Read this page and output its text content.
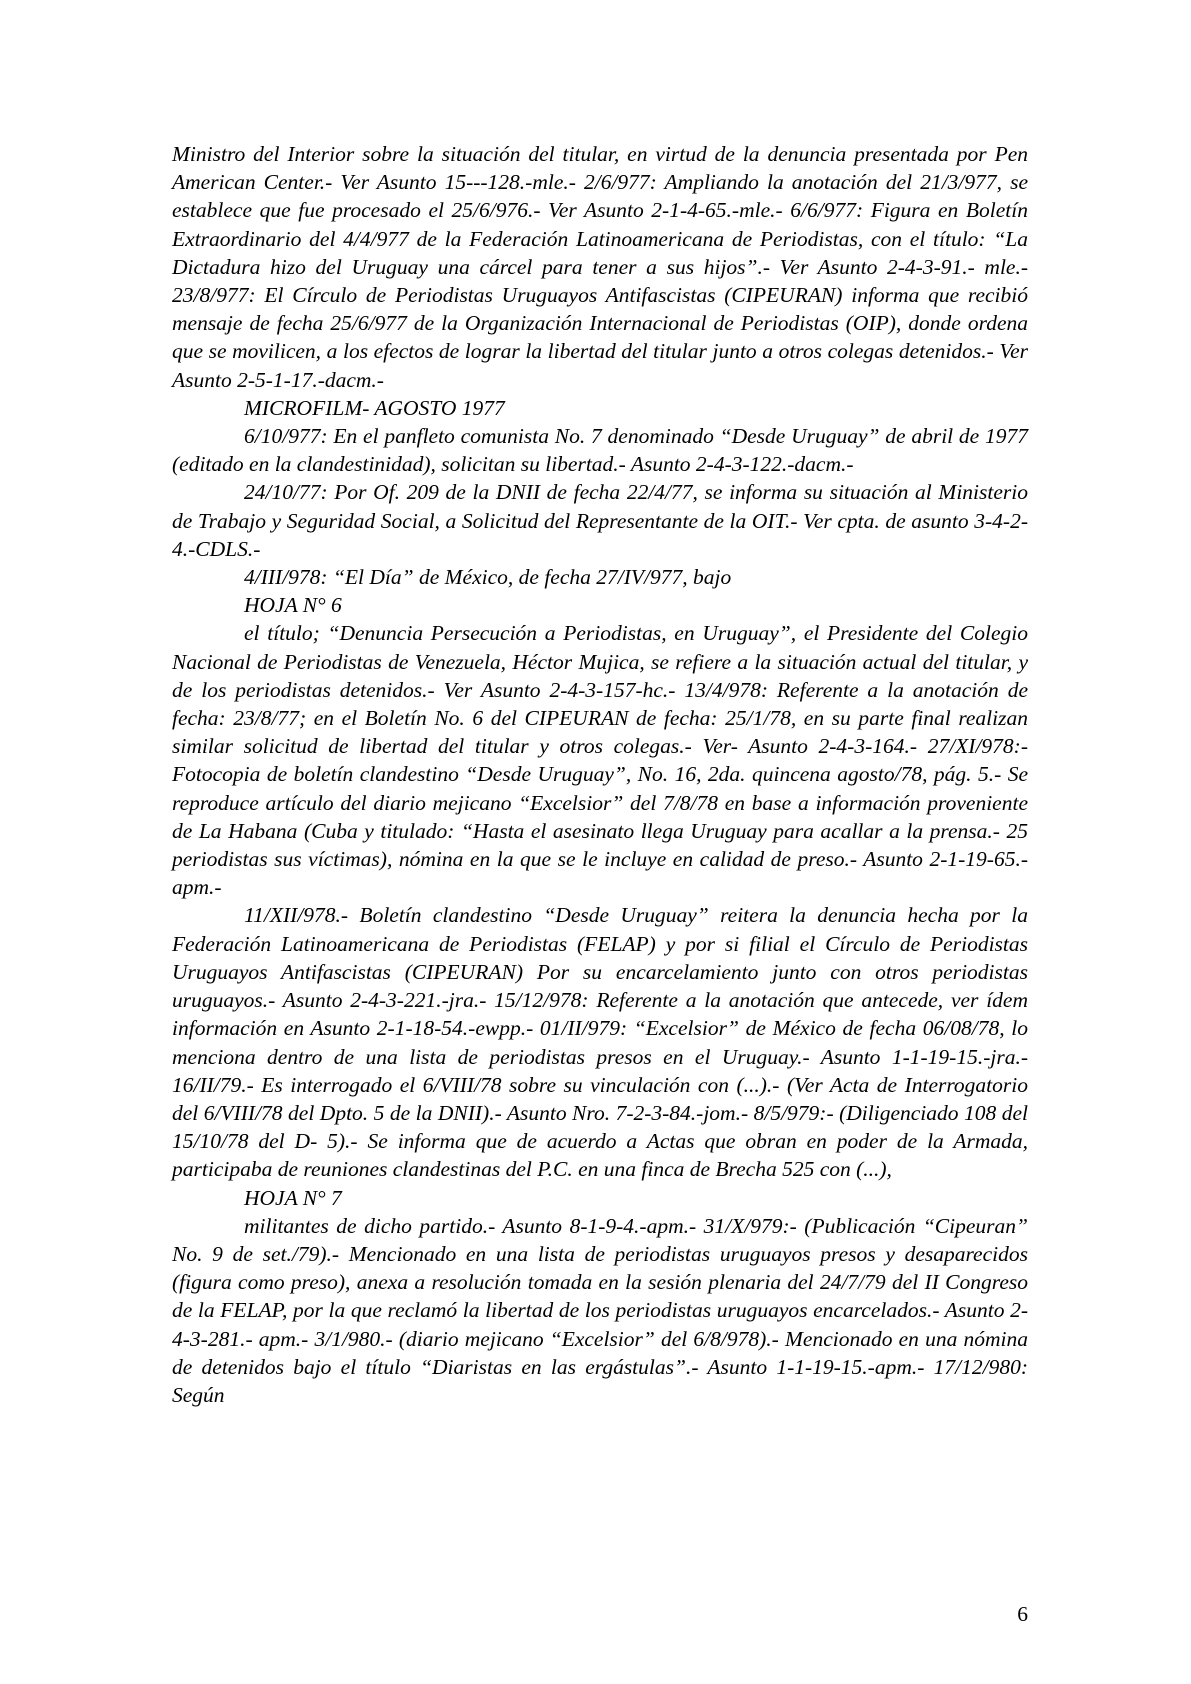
Ministro del Interior sobre la situación del titular, en virtud de la denuncia presentada por Pen American Center.- Ver Asunto 15---128.-mle.- 2/6/977: Ampliando la anotación del 21/3/977, se establece que fue procesado el 25/6/976.- Ver Asunto 2-1-4-65.-mle.- 6/6/977: Figura en Boletín Extraordinario del 4/4/977 de la Federación Latinoamericana de Periodistas, con el título: “La Dictadura hizo del Uruguay una cárcel para tener a sus hijos”.- Ver Asunto 2-4-3-91.- mle.- 23/8/977: El Círculo de Periodistas Uruguayos Antifascistas (CIPEURAN) informa que recibió mensaje de fecha 25/6/977 de la Organización Internacional de Periodistas (OIP), donde ordena que se movilicen, a los efectos de lograr la libertad del titular junto a otros colegas detenidos.- Ver Asunto 2-5-1-17.-dacm.-

MICROFILM- AGOSTO 1977

6/10/977: En el panfleto comunista No. 7 denominado “Desde Uruguay” de abril de 1977 (editado en la clandestinidad), solicitan su libertad.- Asunto 2-4-3-122.-dacm.-

24/10/77: Por Of. 209 de la DNII de fecha 22/4/77, se informa su situación al Ministerio de Trabajo y Seguridad Social, a Solicitud del Representante de la OIT.- Ver cpta. de asunto 3-4-2-4.-CDLS.-

4/III/978: “El Día” de México, de fecha 27/IV/977, bajo

HOJA N° 6

el título; “Denuncia Persecución a Periodistas, en Uruguay”, el Presidente del Colegio Nacional de Periodistas de Venezuela, Héctor Mujica, se refiere a la situación actual del titular, y de los periodistas detenidos.- Ver Asunto 2-4-3-157-hc.- 13/4/978: Referente a la anotación de fecha: 23/8/77; en el Boletín No. 6 del CIPEURAN de fecha: 25/1/78, en su parte final realizan similar solicitud de libertad del titular y otros colegas.- Ver- Asunto 2-4-3-164.- 27/XI/978:- Fotocopia de boletín clandestino “Desde Uruguay”, No. 16, 2da. quincena agosto/78, pág. 5.- Se reproduce artículo del diario mejicano “Excelsior” del 7/8/78 en base a información proveniente de La Habana (Cuba y titulado: “Hasta el asesinato llega Uruguay para acallar a la prensa.- 25 periodistas sus víctimas), nómina en la que se le incluye en calidad de preso.- Asunto 2-1-19-65.-apm.-

11/XII/978.- Boletín clandestino “Desde Uruguay” reitera la denuncia hecha por la Federación Latinoamericana de Periodistas (FELAP) y por si filial el Círculo de Periodistas Uruguayos Antifascistas (CIPEURAN) Por su encarcelamiento junto con otros periodistas uruguayos.- Asunto 2-4-3-221.-jra.- 15/12/978: Referente a la anotación que antecede, ver ídem información en Asunto 2-1-18-54.-ewpp.- 01/II/979: “Excelsior” de México de fecha 06/08/78, lo menciona dentro de una lista de periodistas presos en el Uruguay.- Asunto 1-1-19-15.-jra.- 16/II/79.- Es interrogado el 6/VIII/78 sobre su vinculación con (...).- (Ver Acta de Interrogatorio del 6/VIII/78 del Dpto. 5 de la DNII).- Asunto Nro. 7-2-3-84.-jom.- 8/5/979:- (Diligenciado 108 del 15/10/78 del D- 5).- Se informa que de acuerdo a Actas que obran en poder de la Armada, participaba de reuniones clandestinas del P.C. en una finca de Brecha 525 con (...),

HOJA N° 7

militantes de dicho partido.- Asunto 8-1-9-4.-apm.- 31/X/979:- (Publicación “Cipeuran” No. 9 de set./79).- Mencionado en una lista de periodistas uruguayos presos y desaparecidos (figura como preso), anexa a resolución tomada en la sesión plenaria del 24/7/79 del II Congreso de la FELAP, por la que reclamó la libertad de los periodistas uruguayos encarcelados.- Asunto 2-4-3-281.- apm.- 3/1/980.- (diario mejicano “Excelsior” del 6/8/978).- Mencionado en una nómina de detenidos bajo el título “Diaristas en las ergástulas”.- Asunto 1-1-19-15.-apm.- 17/12/980: Según

6
